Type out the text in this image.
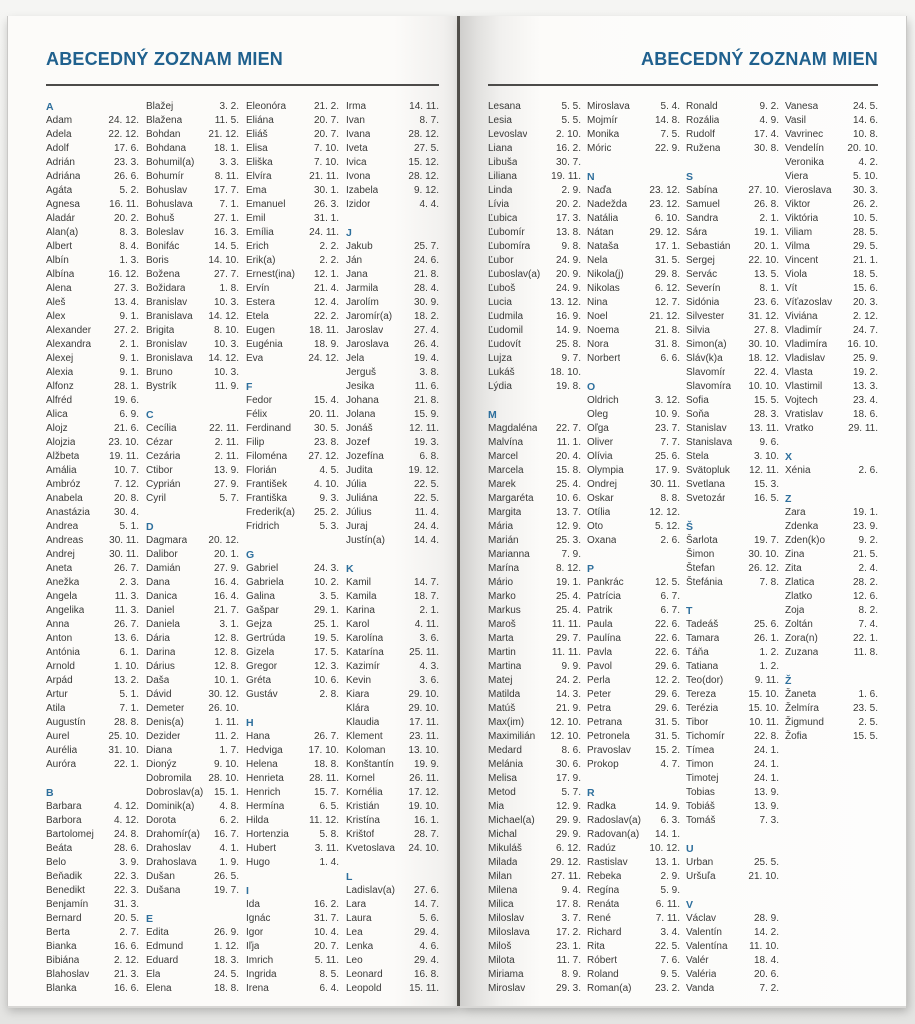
ABECEDNÝ ZOZNAM MIEN
A
Adam	24. 12.
Adela	22. 12.
Adolf	17. 6.
Adrián	23. 3.
Adriána	26. 6.
Agáta	5. 2.
Agnesa	16. 11.
Aladár	20. 2.
Alan(a)	8. 3.
Albert	8. 4.
Albín	1. 3.
Albína	16. 12.
Alena	27. 3.
Aleš	13. 4.
Alex	9. 1.
Alexander	27. 2.
Alexandra	2. 1.
Alexej	9. 1.
Alexia	9. 1.
Alfonz	28. 1.
Alfréd	19. 6.
Alica	6. 9.
Alojz	21. 6.
Alojzia	23. 10.
Alžbeta	19. 11.
Amália	10. 7.
Ambróz	7. 12.
Anabela	20. 8.
Anastázia	30. 4.
Andrea	5. 1.
Andreas	30. 11.
Andrej	30. 11.
Aneta	26. 7.
Anežka	2. 3.
Angela	11. 3.
Angelika	11. 3.
Anna	26. 7.
Anton	13. 6.
Antónia	6. 1.
Arnold	1. 10.
Arpád	13. 2.
Artur	5. 1.
Atila	7. 1.
Augustín	28. 8.
Aurel	25. 10.
Aurélia	31. 10.
Auróra	22. 1.
B
Barbara	4. 12.
Barbora	4. 12.
Bartolomej	24. 8.
Beáta	28. 6.
Belo	3. 9.
Beňadik	22. 3.
Benedikt	22. 3.
Benjamín	31. 3.
Bernard	20. 5.
Berta	2. 7.
Bianka	16. 6.
Bibiána	2. 12.
Blahoslav	21. 3.
Blanka	16. 6.
Blažej	3. 2.
Blažena	11. 5.
Bohdan	21. 12.
Bohdana	18. 1.
Bohumil(a)	3. 3.
Bohumír	8. 11.
Bohuslav	17. 7.
Bohuslava	7. 1.
Bohuš	27. 1.
Boleslav	16. 3.
Bonifác	14. 5.
Boris	14. 10.
Božena	27. 7.
Božidara	1. 8.
Branislav	10. 3.
Branislava	14. 12.
Brigita	8. 10.
Bronislav	10. 3.
Bronislava	14. 12.
Bruno	10. 3.
Bystrík	11. 9.
C
Cecília	22. 11.
Cézar	2. 11.
Cezária	2. 11.
Ctibor	13. 9.
Cyprián	27. 9.
Cyril	5. 7.
D
Dagmara	20. 12.
Dalibor	20. 1.
Damián	27. 9.
Dana	16. 4.
Danica	16. 4.
Daniel	21. 7.
Daniela	3. 1.
Dária	12. 8.
Darina	12. 8.
Dárius	12. 8.
Daša	10. 1.
Dávid	30. 12.
Demeter	26. 10.
Denis(a)	1. 11.
Dezider	11. 2.
Diana	1. 7.
Dionýz	9. 10.
Dobromila	28. 10.
Dobroslav(a)	15. 1.
Dominik(a)	4. 8.
Dorota	6. 2.
Drahomír(a)	16. 7.
Drahoslav	4. 1.
Drahoslava	1. 9.
Dušan	26. 5.
Dušana	19. 7.
E
Edita	26. 9.
Edmund	1. 12.
Eduard	18. 3.
Ela	24. 5.
Elena	18. 8.
Eleonóra	21. 2.
Eliána	20. 7.
Eliáš	20. 7.
Elisa	7. 10.
Eliška	7. 10.
Elvíra	21. 11.
Ema	30. 1.
Emanuel	26. 3.
Emil	31. 1.
Emília	24. 11.
Erich	2. 2.
Erik(a)	2. 2.
Ernest(ina)	12. 1.
Ervín	21. 4.
Estera	12. 4.
Etela	22. 2.
Eugen	18. 11.
Eugénia	18. 9.
Eva	24. 12.
F
Fedor	15. 4.
Félix	20. 11.
Ferdinand	30. 5.
Filip	23. 8.
Filoména	27. 12.
Florián	4. 5.
František	4. 10.
Františka	9. 3.
Frederik(a)	25. 2.
Fridrich	5. 3.
G
Gabriel	24. 3.
Gabriela	10. 2.
Galina	3. 5.
Gašpar	29. 1.
Gejza	25. 1.
Gertrúda	19. 5.
Gizela	17. 5.
Gregor	12. 3.
Gréta	10. 6.
Gustáv	2. 8.
H
Hana	26. 7.
Hedviga	17. 10.
Helena	18. 8.
Henrieta	28. 11.
Henrich	15. 7.
Hermína	6. 5.
Hilda	11. 12.
Hortenzia	5. 8.
Hubert	3. 11.
Hugo	1. 4.
I
Ida	16. 2.
Ignác	31. 7.
Igor	10. 4.
Iľja	20. 7.
Imrich	5. 11.
Ingrida	8. 5.
Irena	6. 4.
Irma	14. 11.
Ivan	8. 7.
Ivana	28. 12.
Iveta	27. 5.
Ivica	15. 12.
Ivona	28. 12.
Izabela	9. 12.
Izidor	4. 4.
J
Jakub	25. 7.
Ján	24. 6.
Jana	21. 8.
Jarmila	28. 4.
Jarolím	30. 9.
Jaromír(a)	18. 2.
Jaroslav	27. 4.
Jaroslava	26. 4.
Jela	19. 4.
Jerguš	3. 8.
Jesika	11. 6.
Johana	21. 8.
Jolana	15. 9.
Jonáš	12. 11.
Jozef	19. 3.
Jozefína	6. 8.
Judita	19. 12.
Júlia	22. 5.
Juliána	22. 5.
Július	11. 4.
Juraj	24. 4.
Justín(a)	14. 4.
K
Kamil	14. 7.
Kamila	18. 7.
Karina	2. 1.
Karol	4. 11.
Karolína	3. 6.
Katarína	25. 11.
Kazimír	4. 3.
Kevin	3. 6.
Kiara	29. 10.
Klára	29. 10.
Klaudia	17. 11.
Klement	23. 11.
Koloman	13. 10.
Konštantín	19. 9.
Kornel	26. 11.
Kornélia	17. 12.
Kristián	19. 10.
Kristína	16. 1.
Krištof	28. 7.
Kvetoslava	24. 10.
L
Ladislav(a)	27. 6.
Lara	14. 7.
Laura	5. 6.
Lea	29. 4.
Lenka	4. 6.
Leo	29. 4.
Leonard	16. 8.
Leopold	15. 11.
ABECEDNÝ ZOZNAM MIEN
Lesana	5. 5.
Lesia	5. 5.
Levoslav	2. 10.
Liana	16. 2.
Libuša	30. 7.
Liliana	19. 11.
Linda	2. 9.
Lívia	20. 2.
Ľubica	17. 3.
Ľubomír	13. 8.
Ľubomíra	9. 8.
Ľubor	24. 9.
Ľuboslav(a)	20. 9.
Ľuboš	24. 9.
Lucia	13. 12.
Ľudmila	16. 9.
Ľudomil	14. 9.
Ľudovít	25. 8.
Lujza	9. 7.
Lukáš	18. 10.
Lýdia	19. 8.
M
Magdaléna	22. 7.
Malvína	11. 1.
Marcel	20. 4.
Marcela	15. 8.
Marek	25. 4.
Margaréta	10. 6.
Margita	13. 7.
Mária	12. 9.
Marián	25. 3.
Marianna	7. 9.
Marína	8. 12.
Mário	19. 1.
Marko	25. 4.
Markus	25. 4.
Maroš	11. 11.
Marta	29. 7.
Martin	11. 11.
Martina	9. 9.
Matej	24. 2.
Matilda	14. 3.
Matúš	21. 9.
Max(im)	12. 10.
Maximilián	12. 10.
Medard	8. 6.
Melánia	30. 6.
Melisa	17. 9.
Metod	5. 7.
Mia	12. 9.
Michael(a)	29. 9.
Michal	29. 9.
Mikuláš	6. 12.
Milada	29. 12.
Milan	27. 11.
Milena	9. 4.
Milica	17. 8.
Miloslav	3. 7.
Miloslava	17. 2.
Miloš	23. 1.
Milota	11. 7.
Miriama	8. 9.
Miroslav	29. 3.
Miroslava	5. 4.
Mojmír	14. 8.
Monika	7. 5.
Móric	22. 9.
N
Naďa	23. 12.
Nadežda	23. 12.
Natália	6. 10.
Nátan	29. 12.
Nataša	17. 1.
Nela	31. 5.
Nikola(j)	29. 8.
Nikolas	6. 12.
Nina	12. 7.
Noel	21. 12.
Noema	21. 8.
Nora	31. 8.
Norbert	6. 6.
O
Oldrich	3. 12.
Oleg	10. 9.
Oľga	23. 7.
Oliver	7. 7.
Olívia	25. 6.
Olympia	17. 9.
Ondrej	30. 11.
Oskar	8. 8.
Otília	12. 12.
Oto	5. 12.
Oxana	2. 6.
P
Pankrác	12. 5.
Patrícia	6. 7.
Patrik	6. 7.
Paula	22. 6.
Paulína	22. 6.
Pavla	22. 6.
Pavol	29. 6.
Perla	12. 2.
Peter	29. 6.
Petra	29. 6.
Petrana	31. 5.
Petronela	31. 5.
Pravoslav	15. 2.
Prokop	4. 7.
R
Radka	14. 9.
Radoslav(a)	6. 3.
Radovan(a)	14. 1.
Radúz	10. 12.
Rastislav	13. 1.
Rebeka	2. 9.
Regína	5. 9.
Renáta	6. 11.
René	7. 11.
Richard	3. 4.
Rita	22. 5.
Róbert	7. 6.
Roland	9. 5.
Roman(a)	23. 2.
Ronald	9. 2.
Rozália	4. 9.
Rudolf	17. 4.
Ružena	30. 8.
S
Sabína	27. 10.
Samuel	26. 8.
Sandra	2. 1.
Sára	19. 1.
Sebastián	20. 1.
Sergej	22. 10.
Servác	13. 5.
Severín	8. 1.
Sidónia	23. 6.
Silvester	31. 12.
Silvia	27. 8.
Simon(a)	30. 10.
Sláv(k)a	18. 12.
Slavomír	22. 4.
Slavomíra	10. 10.
Sofia	15. 5.
Soňa	28. 3.
Stanislav	13. 11.
Stanislava	9. 6.
Stela	3. 10.
Svätopluk	12. 11.
Svetlana	15. 3.
Svetozár	16. 5.
Š
Šarlota	19. 7.
Šimon	30. 10.
Štefan	26. 12.
Štefánia	7. 8.
T
Tadeáš	25. 6.
Tamara	26. 1.
Táňa	1. 2.
Tatiana	1. 2.
Teo(dor)	9. 11.
Tereza	15. 10.
Terézia	15. 10.
Tibor	10. 11.
Tichomír	22. 8.
Tímea	24. 1.
Timon	24. 1.
Timotej	24. 1.
Tobias	13. 9.
Tobiáš	13. 9.
Tomáš	7. 3.
U
Urban	25. 5.
Uršuľa	21. 10.
V
Václav	28. 9.
Valentín	14. 2.
Valentína	11. 10.
Valér	18. 4.
Valéria	20. 6.
Vanda	7. 2.
Vanesa	24. 5.
Vasil	14. 6.
Vavrinec	10. 8.
Vendelín	20. 10.
Veronika	4. 2.
Viera	5. 10.
Vieroslava	30. 3.
Viktor	26. 2.
Viktória	10. 5.
Viliam	28. 5.
Vilma	29. 5.
Vincent	21. 1.
Viola	18. 5.
Vít	15. 6.
Víťazoslav	20. 3.
Viviána	2. 12.
Vladimír	24. 7.
Vladimíra	16. 10.
Vladislav	25. 9.
Vlasta	19. 2.
Vlastimil	13. 3.
Vojtech	23. 4.
Vratislav	18. 6.
Vratko	29. 11.
X
Xénia	2. 6.
Z
Zara	19. 1.
Zdenka	23. 9.
Zden(k)o	9. 2.
Zina	21. 5.
Zita	2. 4.
Zlatica	28. 2.
Zlatko	12. 6.
Zoja	8. 2.
Zoltán	7. 4.
Zora(n)	22. 1.
Zuzana	11. 8.
Ž
Žaneta	1. 6.
Želmíra	23. 5.
Žigmund	2. 5.
Žofia	15. 5.
